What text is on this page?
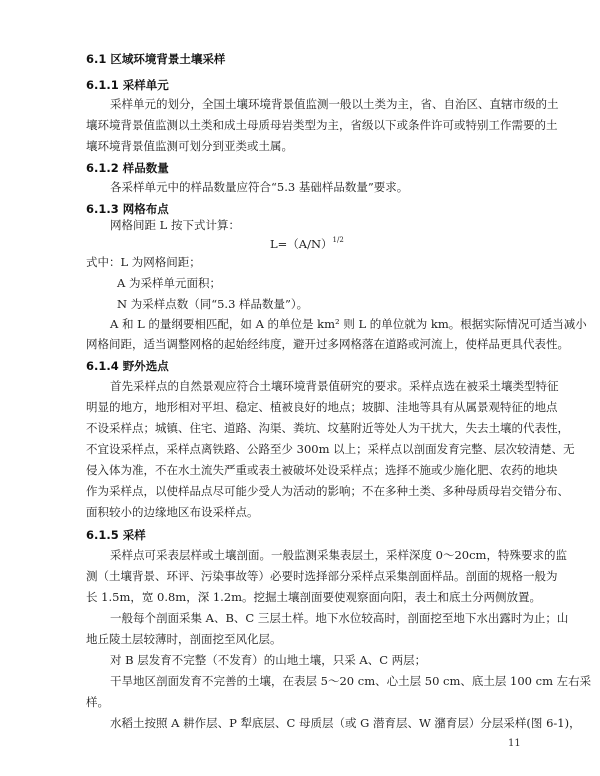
6.1 区域环境背景土壤采样
6.1.1 采样单元
采样单元的划分，全国土壤环境背景值监测一般以土类为主，省、自治区、直辖市级的土
壤环境背景值监测以土类和成土母质母岩类型为主，省级以下或条件许可或特别工作需要的土
壤环境背景值监测可划分到亚类或土属。
6.1.2 样品数量
各采样单元中的样品数量应符合“5.3 基础样品数量”要求。
6.1.3 网格布点
网格间距 L 按下式计算：
$L=(A/N)^{1/2}$
式中：L 为网格间距；
A 为采样单元面积；
N 为采样点数（同“5.3 样品数量”）。
A 和 L 的量纲要相匹配，如 A 的单位是 km² 则 L 的单位就为 km。根据实际情况可适当减小
网格间距，适当调整网格的起始经纬度，避开过多网格落在道路或河流上，使样品更具代表性。
6.1.4 野外选点
首先采样点的自然景观应符合土壤环境背景值研究的要求。采样点选在被采土壤类型特征
明显的地方，地形相对平坦、稳定、植被良好的地点；坡脚、洼地等具有从属景观特征的地点
不设采样点；城镇、住宅、道路、沟渠、粪坑、坟墓附近等处人为干扰大，失去土壤的代表性，
不宜设采样点，采样点离铁路、公路至少 300m 以上；采样点以剖面发育完整、层次较清楚、无
侵入体为准，不在水土流失严重或表土被破坏处设采样点；选择不施或少施化肥、农药的地块
作为采样点，以使样品点尽可能少受人为活动的影响；不在多种土类、多种母质母岩交错分布、
面积较小的边缘地区布设采样点。
6.1.5 采样
采样点可采表层样或土壤剖面。一般监测采集表层土，采样深度 0～20cm，特殊要求的监
测（土壤背景、环评、污染事故等）必要时选择部分采样点采集剖面样品。剖面的规格一般为
长 1.5m，宽 0.8m，深 1.2m。挖掘土壤剖面要使观察面向阳，表土和底土分两侧放置。
一般每个剖面采集 A、B、C 三层土样。地下水位较高时，剖面挖至地下水出露时为止；山
地丘陵土层较薄时，剖面挖至风化层。
对 B 层发育不完整（不发育）的山地土壤，只采 A、C 两层；
干旱地区剖面发育不完善的土壤，在表层 5～20 cm、心土层 50 cm、底土层 100 cm 左右采
样。
水稻土按照 A 耕作层、P 犁底层、C 母质层（或 G 潜育层、W 潴育层）分层采样(图 6-1)，
11
